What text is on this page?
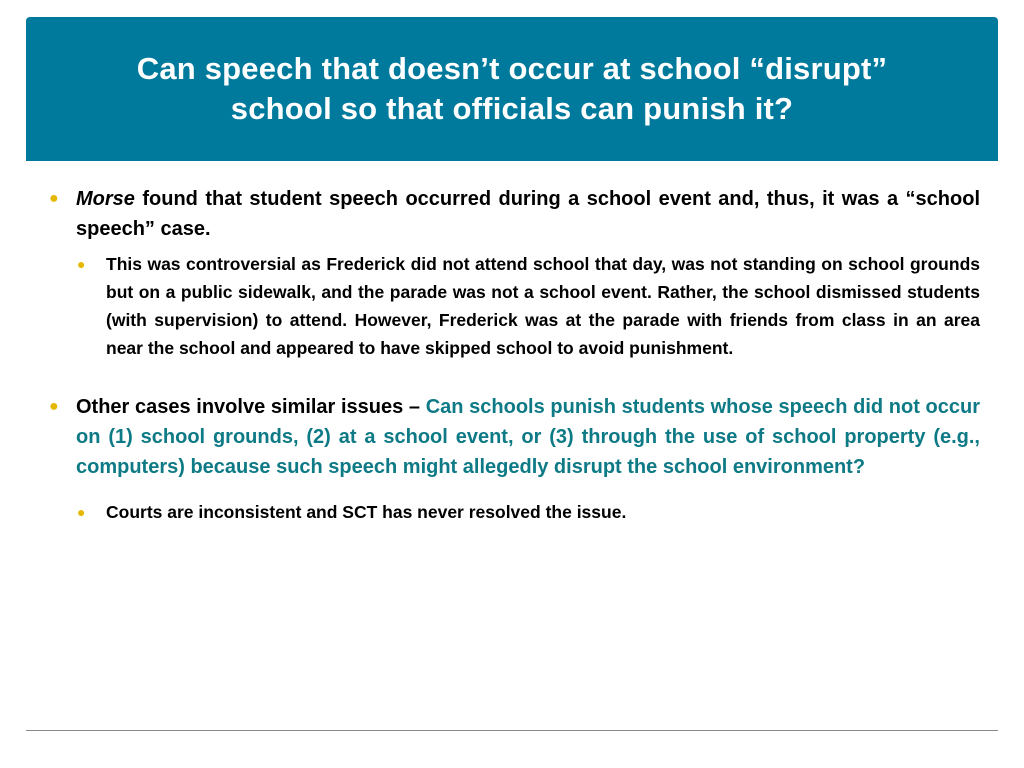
Can speech that doesn’t occur at school “disrupt”
school so that officials can punish it?
● Morse found that student speech occurred during a school event and, thus, it was a “school speech” case.
● This was controversial as Frederick did not attend school that day, was not standing on school grounds but on a public sidewalk, and the parade was not a school event. Rather, the school dismissed students (with supervision) to attend. However, Frederick was at the parade with friends from class in an area near the school and appeared to have skipped school to avoid punishment.
● Other cases involve similar issues – Can schools punish students whose speech did not occur on (1) school grounds, (2) at a school event, or (3) through the use of school property (e.g., computers) because such speech might allegedly disrupt the school environment?
● Courts are inconsistent and SCT has never resolved the issue.
